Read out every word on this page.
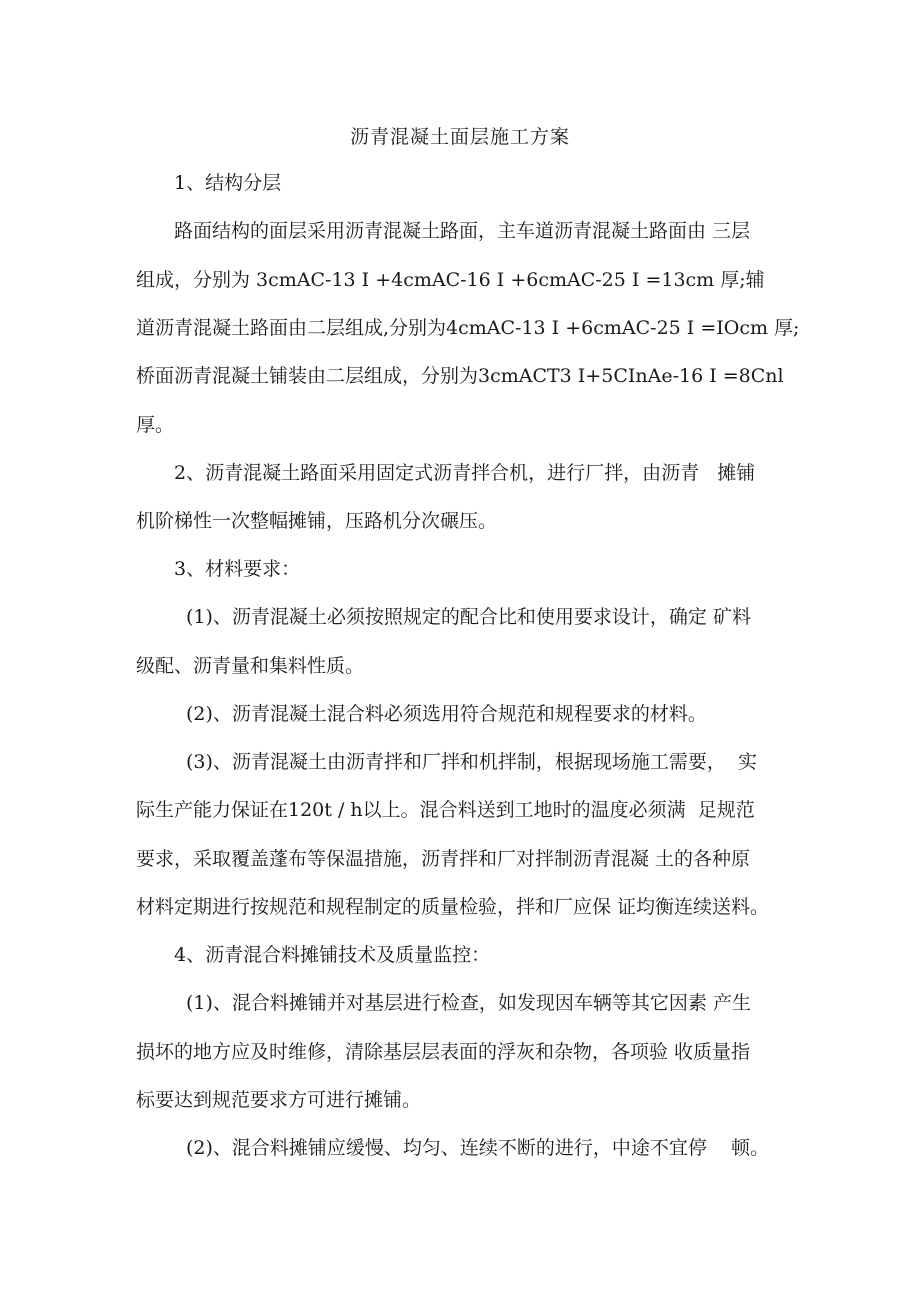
沥青混凝土面层施工方案
1、结构分层
路面结构的面层采用沥青混凝土路面，主车道沥青混凝土路面由 三层
组成，分别为 3cmAC-13 I +4cmAC-16 I +6cmAC-25 I =13cm 厚;辅
道沥青混凝土路面由二层组成,分别为4cmAC-13 I +6cmAC-25 I =IOcm 厚;
桥面沥青混凝土铺装由二层组成，分别为3cmACT3 I+5CInAe-16 I =8Cnl
厚。
2、沥青混凝土路面采用固定式沥青拌合机，进行厂拌，由沥青   摊铺
机阶梯性一次整幅摊铺，压路机分次碾压。
3、材料要求：
(1)、沥青混凝土必须按照规定的配合比和使用要求设计，确定 矿料
级配、沥青量和集料性质。
(2)、沥青混凝土混合料必须选用符合规范和规程要求的材料。
(3)、沥青混凝土由沥青拌和厂拌和机拌制，根据现场施工需要，  实
际生产能力保证在120t / h以上。混合料送到工地时的温度必须满  足规范
要求，采取覆盖蓬布等保温措施，沥青拌和厂对拌制沥青混凝 土的各种原
材料定期进行按规范和规程制定的质量检验，拌和厂应保 证均衡连续送料。
4、沥青混合料摊铺技术及质量监控：
(1)、混合料摊铺并对基层进行检查，如发现因车辆等其它因素 产生
损坏的地方应及时维修，清除基层层表面的浮灰和杂物，各项验 收质量指
标要达到规范要求方可进行摊铺。
(2)、混合料摊铺应缓慢、均匀、连续不断的进行，中途不宜停    顿。
